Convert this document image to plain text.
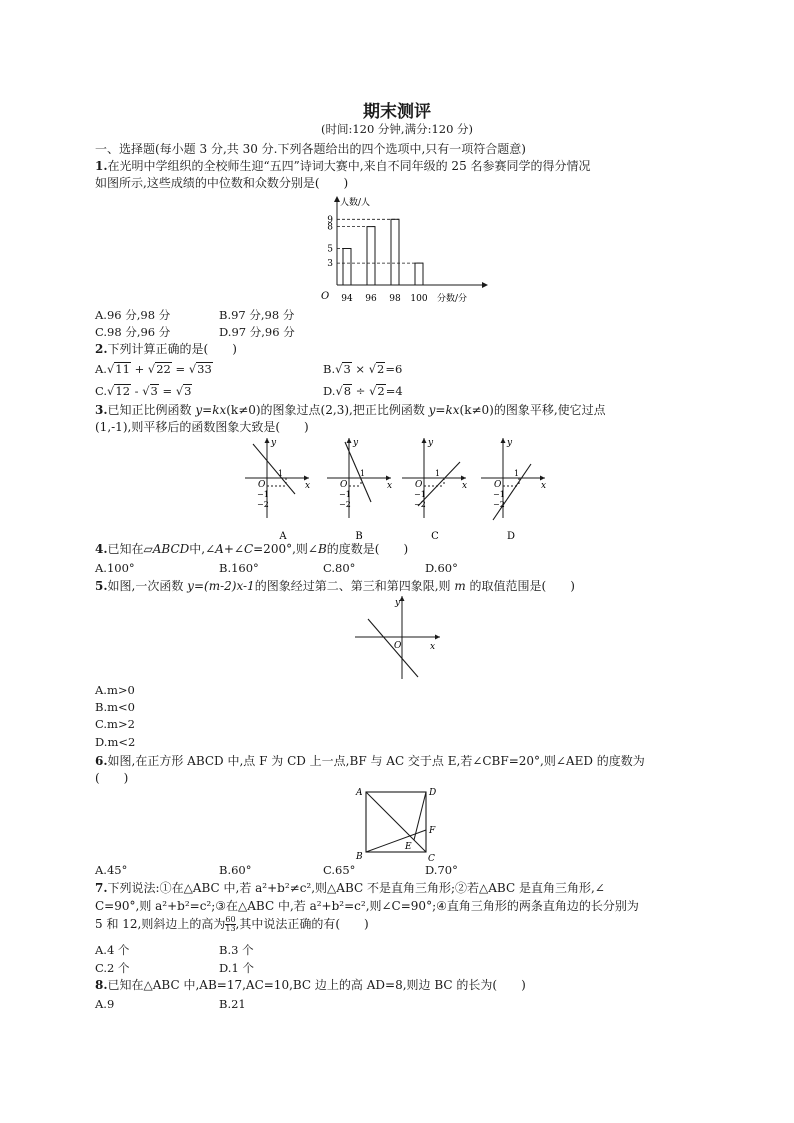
期末测评
(时间:120 分钟,满分:120 分)
一、选择题(每小题 3 分,共 30 分.下列各题给出的四个选项中,只有一项符合题意)
1.在光明中学组织的全校师生迎“五四”诗词大赛中,来自不同年级的 25 名参赛同学的得分情况
如图所示,这些成绩的中位数和众数分别是(　　)
人数/人
分数/分
O 94 96 98 100
3
5
8
9
A.96 分,98 分	B.97 分,98 分
C.98 分,96 分	D.97 分,96 分
2.下列计算正确的是(　　)
A.√11 + √22 = √33	B.√3 × √2=6
C.√12 - √3 = √3	D.√8 ÷ √2=4
3.已知正比例函数 y=kx(k≠0)的图象过点(2,3),把正比例函数 y=kx(k≠0)的图象平移,使它过点
(1,-1),则平移后的函数图象大致是(　　)
y
x
O
−1
−2
1
y
x
O
−1
−2
1
y
x
O
−1
−2
1
y
x
O
−1
−2
1
A	B	C	D
4.已知在▱ABCD中,∠A+∠C=200°,则∠B的度数是(　　)
A.100°	B.160°	C.80°	D.60°
5.如图,一次函数 y=(m-2)x-1的图象经过第二、第三和第四象限,则 m 的取值范围是(　　)
y
x
O
A.m>0
B.m<0
C.m>2
D.m<2
6.如图,在正方形 ABCD 中,点 F 为 CD 上一点,BF 与 AC 交于点 E,若∠CBF=20°,则∠AED 的度数为
(　　)
A	D
B	C
F
E
A.45°	B.60°	C.65°	D.70°
7.下列说法:①在△ABC 中,若 a²+b²≠c²,则△ABC 不是直角三角形;②若△ABC 是直角三角形,∠
C=90°,则 a²+b²=c²;③在△ABC 中,若 a²+b²=c²,则∠C=90°;④直角三角形的两条直角边的长分别为
5 和 12,则斜边上的高为 $\frac{60}{13}$ ,其中说法正确的有(　　)
A.4 个	B.3 个
C.2 个	D.1 个
8.已知在△ABC 中,AB=17,AC=10,BC 边上的高 AD=8,则边 BC 的长为(　　)
A.9	B.21
